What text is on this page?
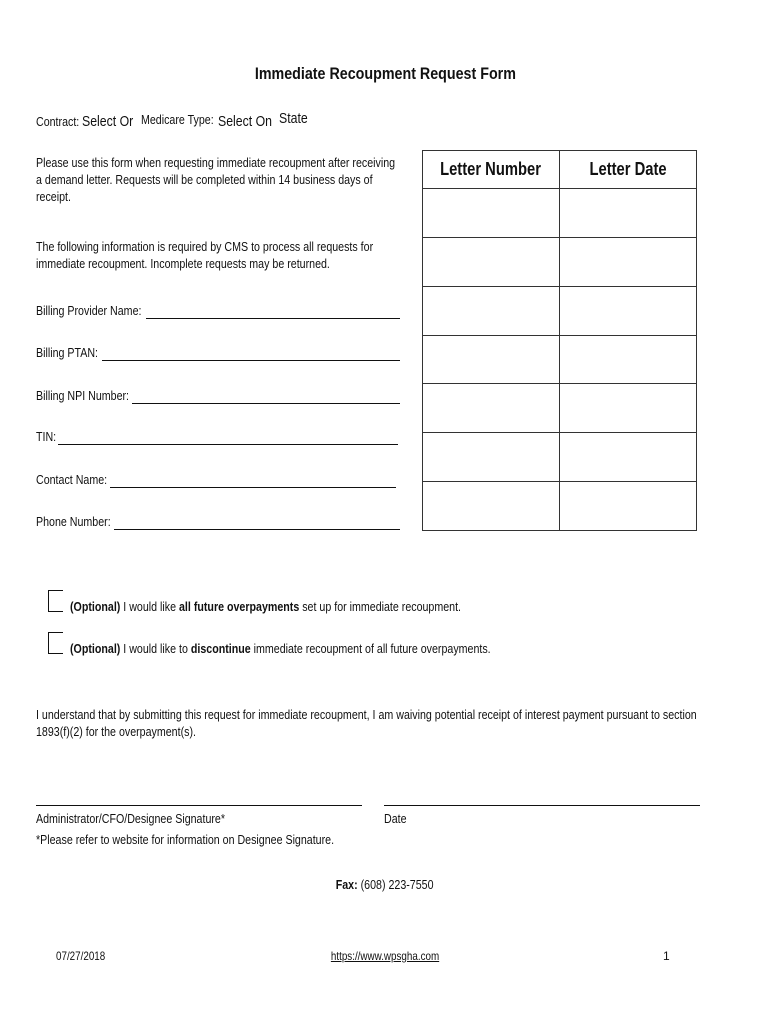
Immediate Recoupment Request Form
Contract: Select Or Medicare Type: Select On State
Please use this form when requesting immediate recoupment after receiving
a demand letter. Requests will be completed within 14 business days of
receipt.
The following information is required by CMS to process all requests for
immediate recoupment. Incomplete requests may be returned.
Billing Provider Name:
Billing PTAN:
Billing NPI Number:
TIN:
Contact Name:
Phone Number:
Letter Number	Letter Date

(Optional) I would like all future overpayments set up for immediate recoupment.
(Optional) I would like to discontinue immediate recoupment of all future overpayments.
I understand that by submitting this request for immediate recoupment, I am waiving potential receipt of interest payment pursuant to section
1893(f)(2) for the overpayment(s).
Administrator/CFO/Designee Signature*
*Please refer to website for information on Designee Signature.
Date
Fax: (608) 223-7550
07/27/2018	https://www.wpsgha.com	1
